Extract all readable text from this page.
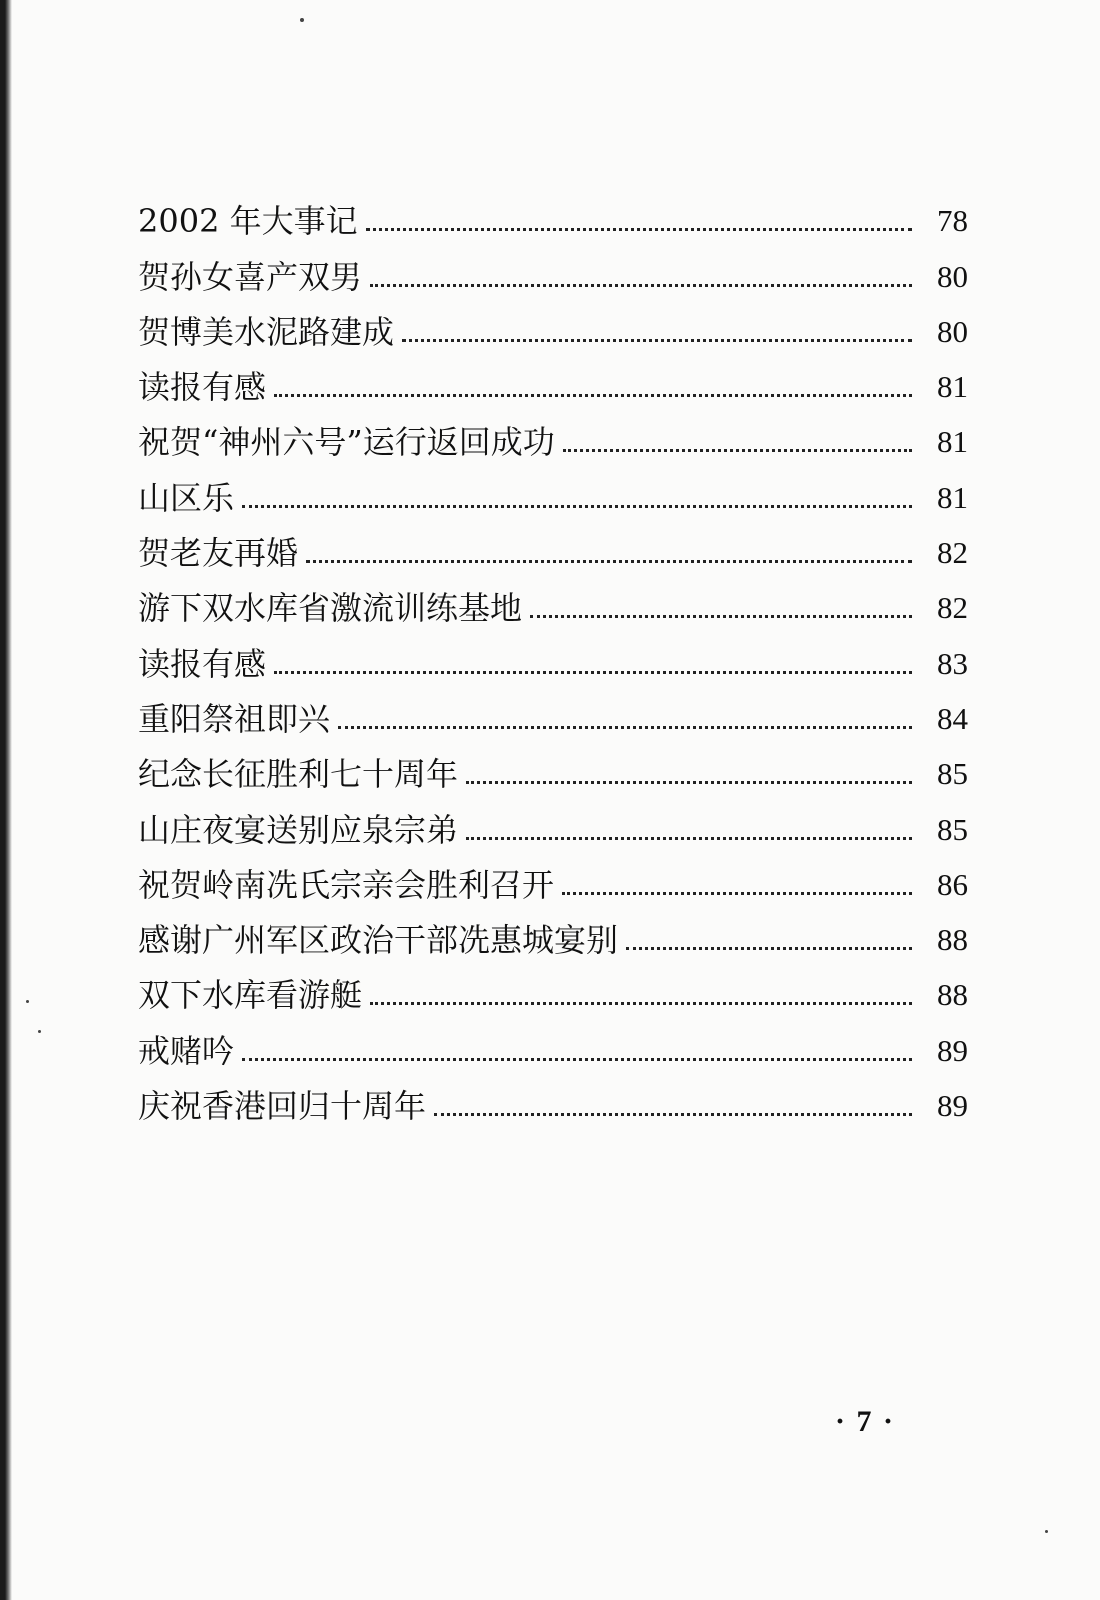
2002 年大事记	78
贺孙女喜产双男	80
贺博美水泥路建成	80
读报有感	81
祝贺“神州六号”运行返回成功	81
山区乐	81
贺老友再婚	82
游下双水库省激流训练基地	82
读报有感	83
重阳祭祖即兴	84
纪念长征胜利七十周年	85
山庄夜宴送别应泉宗弟	85
祝贺岭南冼氏宗亲会胜利召开	86
感谢广州军区政治干部冼惠城宴别	88
双下水库看游艇	88
戒赌吟	89
庆祝香港回归十周年	89
· 7 ·
